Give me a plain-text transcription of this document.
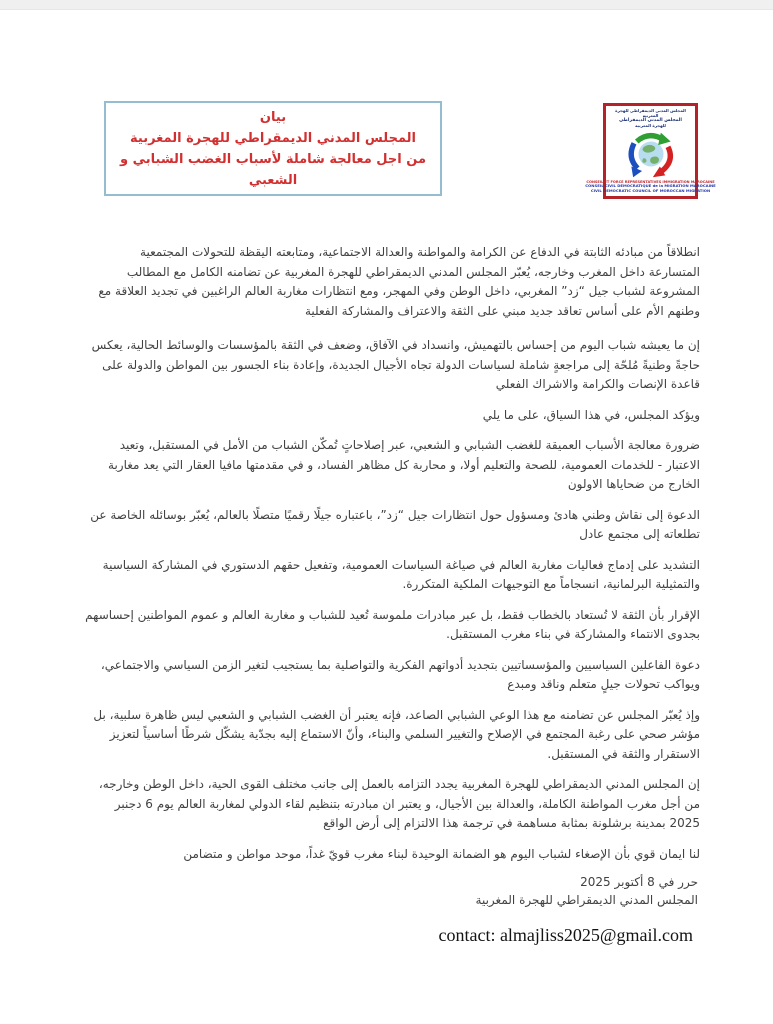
بيان
المجلس المدني الديمقراطي للهجرة المغربية
من اجل معالجة شاملة لأسباب الغضب الشبابي و الشعبي
المجلس المدني الديمقراطي للهجرة المغربية
المجلس المدني الديمقراطي
للهجرة المغربية
CONSEIL ET FORCE REPRESENTATIVES IMMIGRATION MAROCAINE
CONSEIL CIVIL DEMOCRATIQUE de la MIGRATION MAROCAINE
CIVIL DEMOCRATIC COUNCIL OF MOROCCAN MIGRATION

انطلاقاً من مبادئه الثابتة في الدفاع عن الكرامة والمواطنة والعدالة الاجتماعية، ومتابعته اليقظة للتحولات المجتمعية المتسارعة داخل المغرب وخارجه، يُعبّر المجلس المدني الديمقراطي للهجرة المغربية عن تضامنه الكامل مع المطالب المشروعة لشباب جيل “زد” المغربي، داخل الوطن وفي المهجر، ومع انتظارات مغاربة العالم الراغبين في تجديد العلاقة مع وطنهم الأم على أساس تعاقد جديد مبني على الثقة والاعتراف والمشاركة الفعلية

إن ما يعيشه شباب اليوم من إحساس بالتهميش، وانسداد في الآفاق، وضعف في الثقة بالمؤسسات والوسائط الحالية، يعكس حاجةً وطنيةً مُلحّة إلى مراجعةٍ شاملة لسياسات الدولة تجاه الأجيال الجديدة، وإعادة بناء الجسور بين المواطن والدولة على قاعدة الإنصات والكرامة والاشراك الفعلي

ويؤكد المجلس، في هذا السياق، على ما يلي

ضرورة معالجة الأسباب العميقة للغضب الشبابي و الشعبي، عبر إصلاحاتٍ تُمكّن الشباب من الأمل في المستقبل، وتعيد الاعتبار - للخدمات العمومية، للصحة والتعليم أولا، و محاربة كل مظاهر الفساد، و في مقدمتها مافيا العقار التي يعد مغاربة الخارج من ضحاياها الاولون

الدعوة إلى نقاش وطني هادئ ومسؤول حول انتظارات جيل “زد”، باعتباره جيلًا رقميًا متصلًا بالعالم، يُعبّر بوسائله الخاصة عن تطلعاته إلى مجتمع عادل

التشديد على إدماج فعاليات مغاربة العالم في صياغة السياسات العمومية، وتفعيل حقهم الدستوري في المشاركة السياسية والتمثيلية البرلمانية، انسجاماً مع التوجيهات الملكية المتكررة.

الإقرار بأن الثقة لا تُستعاد بالخطاب فقط، بل عبر مبادرات ملموسة تُعيد للشباب و مغاربة العالم و عموم المواطنين إحساسهم بجدوى الانتماء والمشاركة في بناء مغرب المستقبل.

دعوة الفاعلين السياسيين والمؤسساتيين بتجديد أدواتهم الفكرية والتواصلية بما يستجيب لتغير الزمن السياسي والاجتماعي، ويواكب تحولات جيلٍ متعلم وناقد ومبدع

وإذ يُعبّر المجلس عن تضامنه مع هذا الوعي الشبابي الصاعد، فإنه يعتبر أن الغضب الشبابي و الشعبي ليس ظاهرة سلبية، بل مؤشر صحي على رغبة المجتمع في الإصلاح والتغيير السلمي والبناء، وأنّ الاستماع إليه بجدّية يشكّل شرطًا أساسياً لتعزيز الاستقرار والثقة في المستقبل.

إن المجلس المدني الديمقراطي للهجرة المغربية يجدد التزامه بالعمل إلى جانب مختلف القوى الحية، داخل الوطن وخارجه، من أجل مغرب المواطنة الكاملة، والعدالة بين الأجيال، و يعتبر ان مبادرته بتنظيم لقاء الدولي لمغاربة العالم يوم 6 دجنبر 2025 بمدينة برشلونة بمثابة مساهمة في ترجمة هذا الالتزام إلى أرض الواقع

لنا ايمان قوي بأن الإصغاء لشباب اليوم هو الضمانة الوحيدة لبناء مغرب قويّ غداً، موحد مواطن و متضامن

حرر في 8 أكتوبر 2025
المجلس المدني الديمقراطي للهجرة المغربية
contact: almajliss2025@gmail.com
